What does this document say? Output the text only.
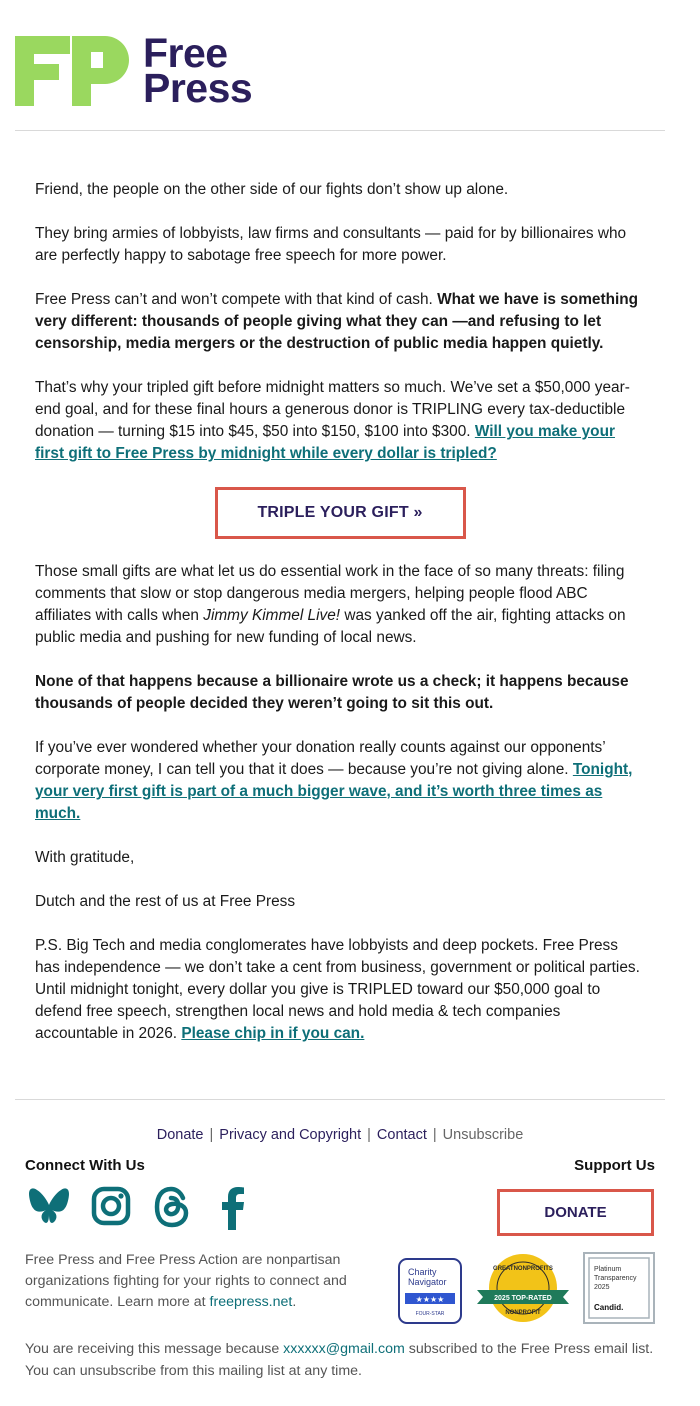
Free
Press

Friend, the people on the other side of our fights don’t show up alone.

They bring armies of lobbyists, law firms and consultants — paid for by billionaires who are perfectly happy to sabotage free speech for more power.

Free Press can’t and won’t compete with that kind of cash. What we have is something very different: thousands of people giving what they can —and refusing to let censorship, media mergers or the destruction of public media happen quietly.

That’s why your tripled gift before midnight matters so much. We’ve set a $50,000 year-end goal, and for these final hours a generous donor is TRIPLING every tax-deductible donation — turning $15 into $45, $50 into $150, $100 into $300. Will you make your first gift to Free Press by midnight while every dollar is tripled?

TRIPLE YOUR GIFT »

Those small gifts are what let us do essential work in the face of so many threats: filing comments that slow or stop dangerous media mergers, helping people flood ABC affiliates with calls when Jimmy Kimmel Live! was yanked off the air, fighting attacks on public media and pushing for new funding of local news.

None of that happens because a billionaire wrote us a check; it happens because thousands of people decided they weren’t going to sit this out.

If you’ve ever wondered whether your donation really counts against our opponents’ corporate money, I can tell you that it does — because you’re not giving alone. Tonight, your very first gift is part of a much bigger wave, and it’s worth three times as much.

With gratitude,

Dutch and the rest of us at Free Press

P.S. Big Tech and media conglomerates have lobbyists and deep pockets. Free Press has independence — we don’t take a cent from business, government or political parties. Until midnight tonight, every dollar you give is TRIPLED toward our $50,000 goal to defend free speech, strengthen local news and hold media & tech companies accountable in 2026. Please chip in if you can.

Donate | Privacy and Copyright | Contact | Unsubscribe
Connect With Us	Support Us
DONATE
Free Press and Free Press Action are nonpartisan organizations fighting for your rights to connect and communicate. Learn more at freepress.net.
Charity
Navigator
★★★★
FOUR-STAR
GREATNONPROFITS
2025 TOP-RATED
NONPROFIT
Platinum
Transparency
2025
Candid.
You are receiving this message because xxxxxx@gmail.com subscribed to the Free Press email list. You can unsubscribe from this mailing list at any time.
